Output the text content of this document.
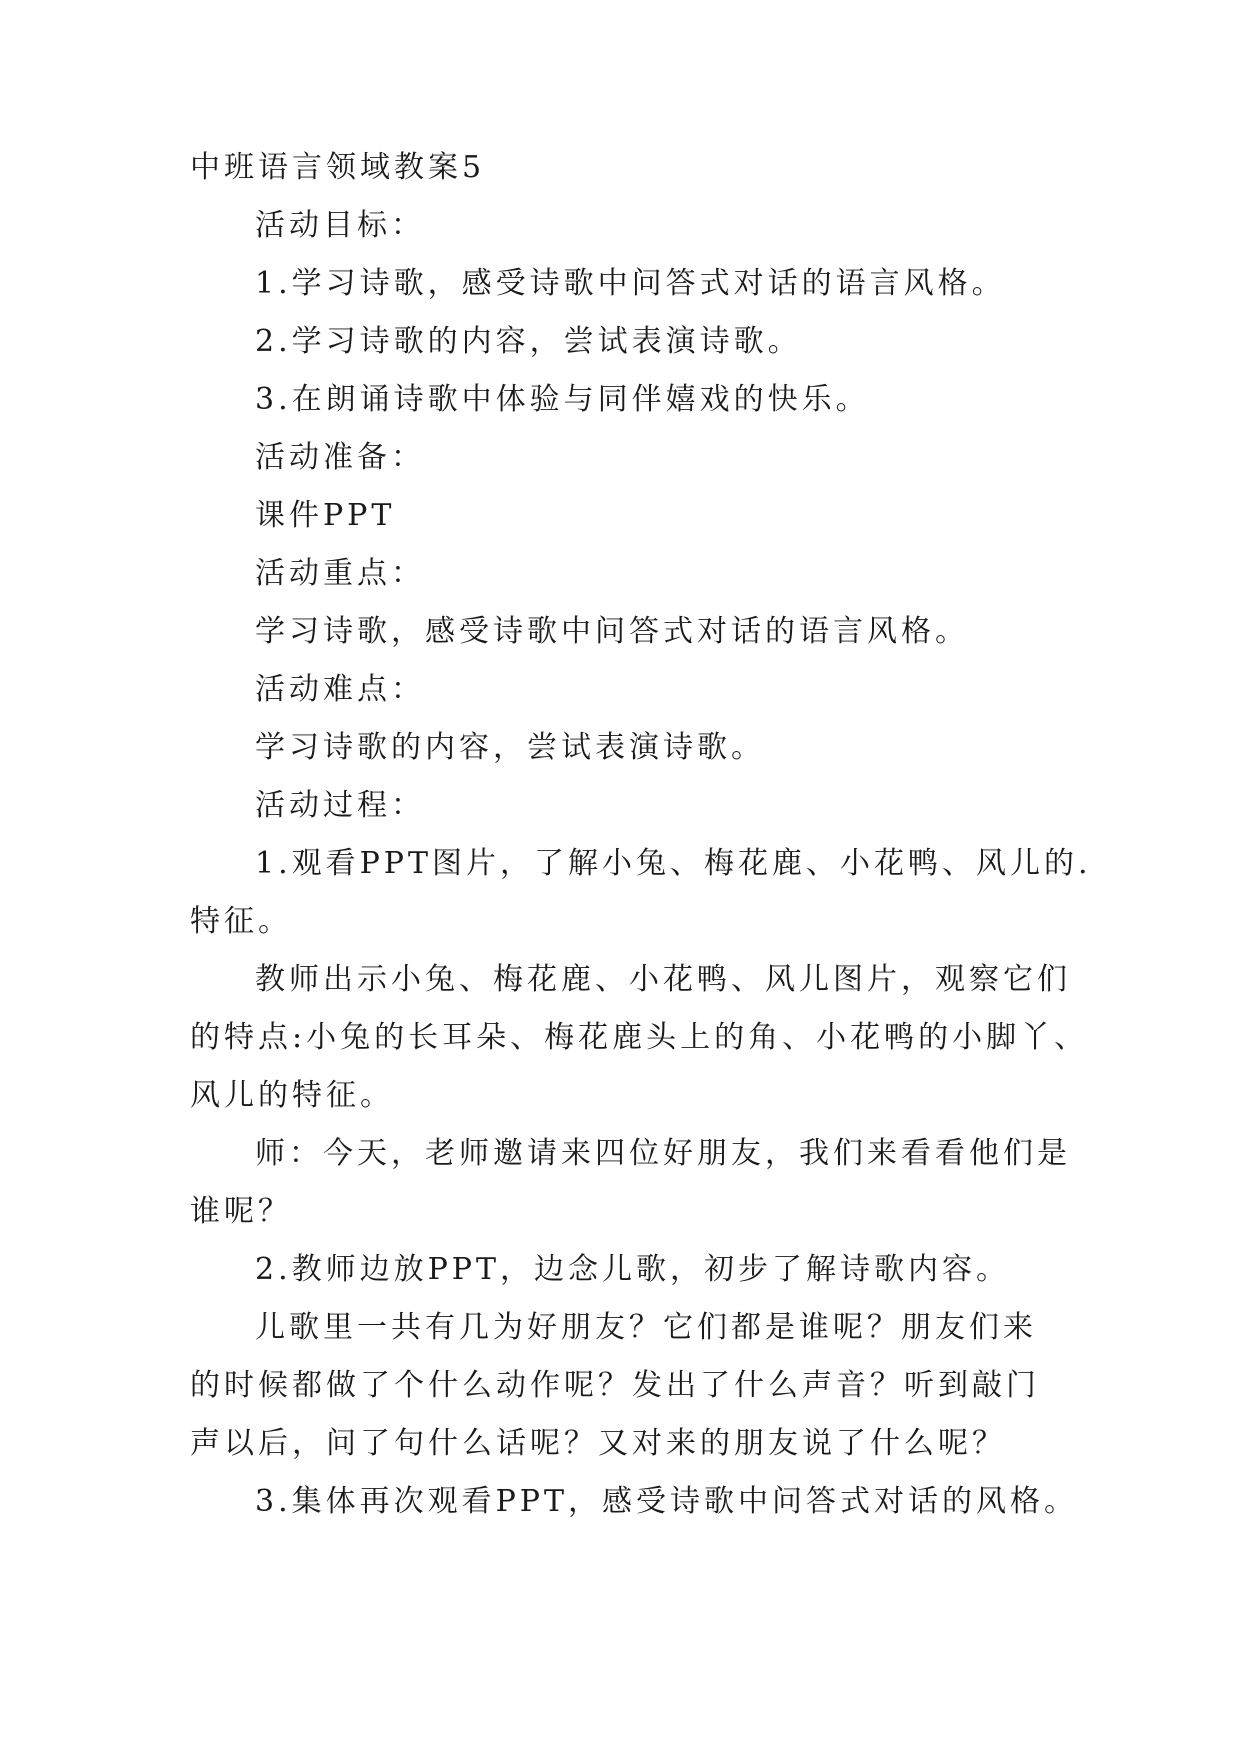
中班语言领域教案5

活动目标：

1.学习诗歌，感受诗歌中问答式对话的语言风格。

2.学习诗歌的内容，尝试表演诗歌。

3.在朗诵诗歌中体验与同伴嬉戏的快乐。

活动准备：

课件PPT

活动重点：

学习诗歌，感受诗歌中问答式对话的语言风格。

活动难点：

学习诗歌的内容，尝试表演诗歌。

活动过程：

1.观看PPT图片，了解小兔、梅花鹿、小花鸭、风儿的.

特征。

教师出示小兔、梅花鹿、小花鸭、风儿图片，观察它们

的特点:小兔的长耳朵、梅花鹿头上的角、小花鸭的小脚丫、

风儿的特征。

师：今天，老师邀请来四位好朋友，我们来看看他们是

谁呢？

2.教师边放PPT，边念儿歌，初步了解诗歌内容。

儿歌里一共有几为好朋友？它们都是谁呢？朋友们来

的时候都做了个什么动作呢？发出了什么声音？听到敲门

声以后，问了句什么话呢？又对来的朋友说了什么呢？

3.集体再次观看PPT，感受诗歌中问答式对话的风格。
